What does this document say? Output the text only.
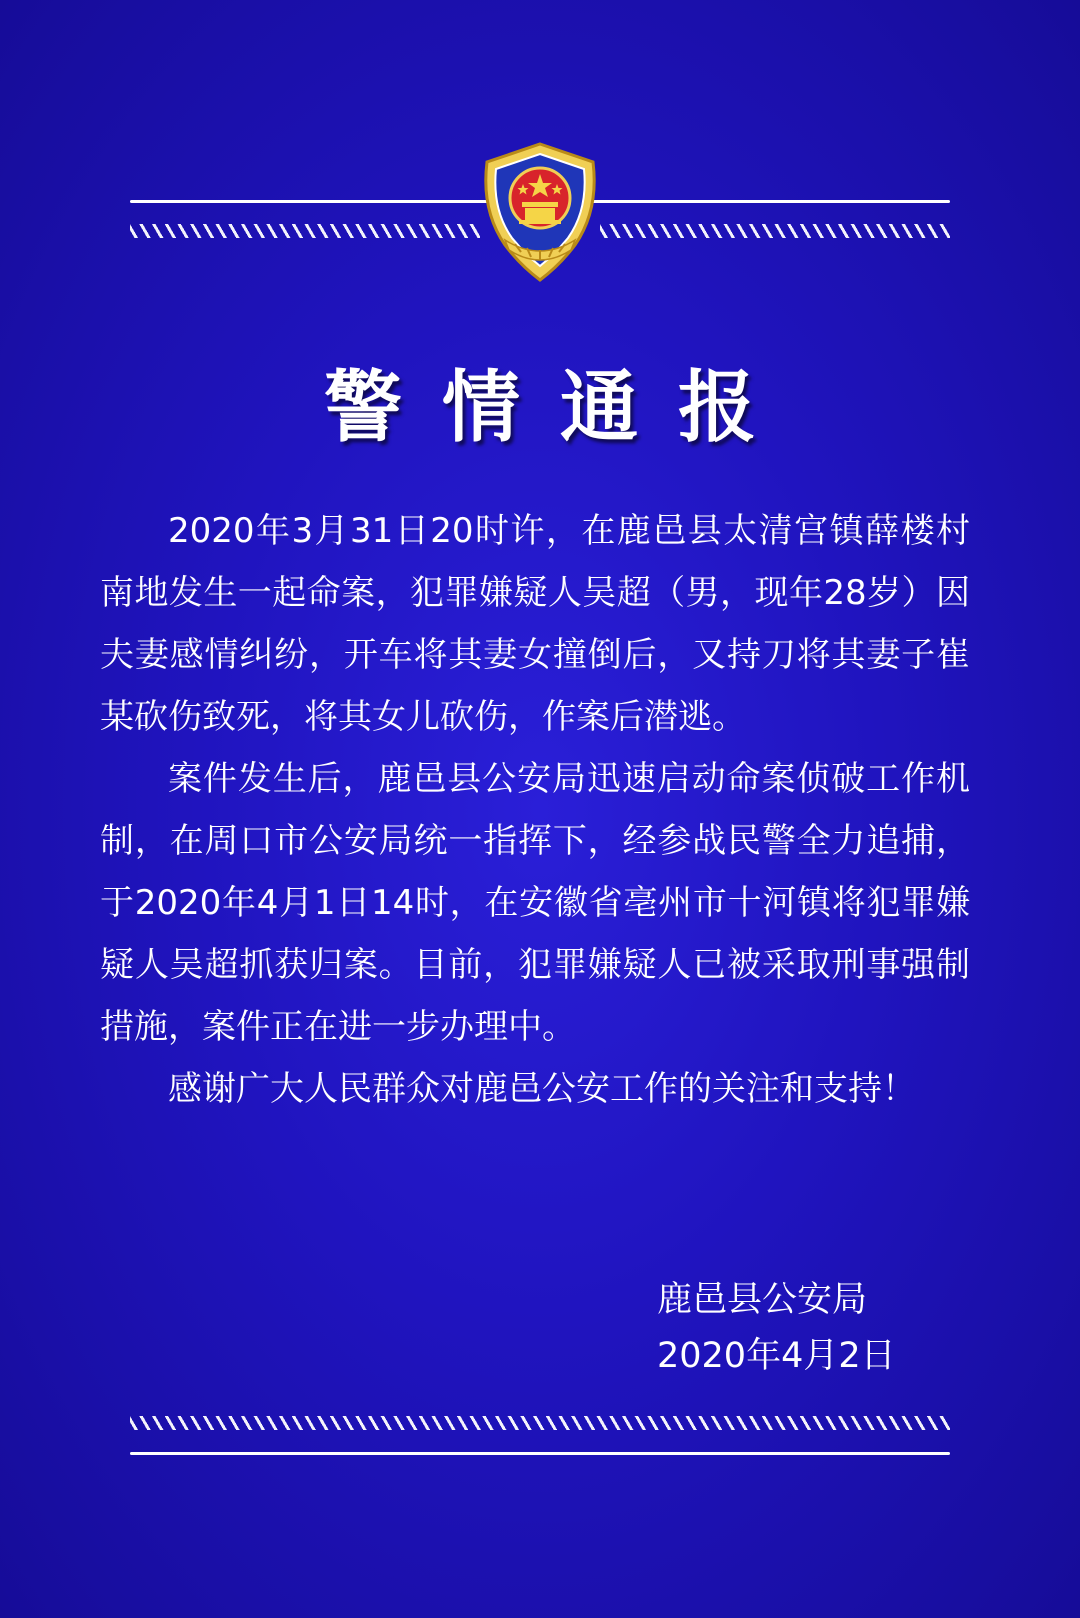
警情通报

2020年3月31日20时许，在鹿邑县太清宫镇薛楼村南地发生一起命案，犯罪嫌疑人吴超（男，现年28岁）因夫妻感情纠纷，开车将其妻女撞倒后，又持刀将其妻子崔某砍伤致死，将其女儿砍伤，作案后潜逃。

案件发生后，鹿邑县公安局迅速启动命案侦破工作机制，在周口市公安局统一指挥下，经参战民警全力追捕，于2020年4月1日14时，在安徽省亳州市十河镇将犯罪嫌疑人吴超抓获归案。目前，犯罪嫌疑人已被采取刑事强制措施，案件正在进一步办理中。

感谢广大人民群众对鹿邑公安工作的关注和支持！

鹿邑县公安局
2020年4月2日
